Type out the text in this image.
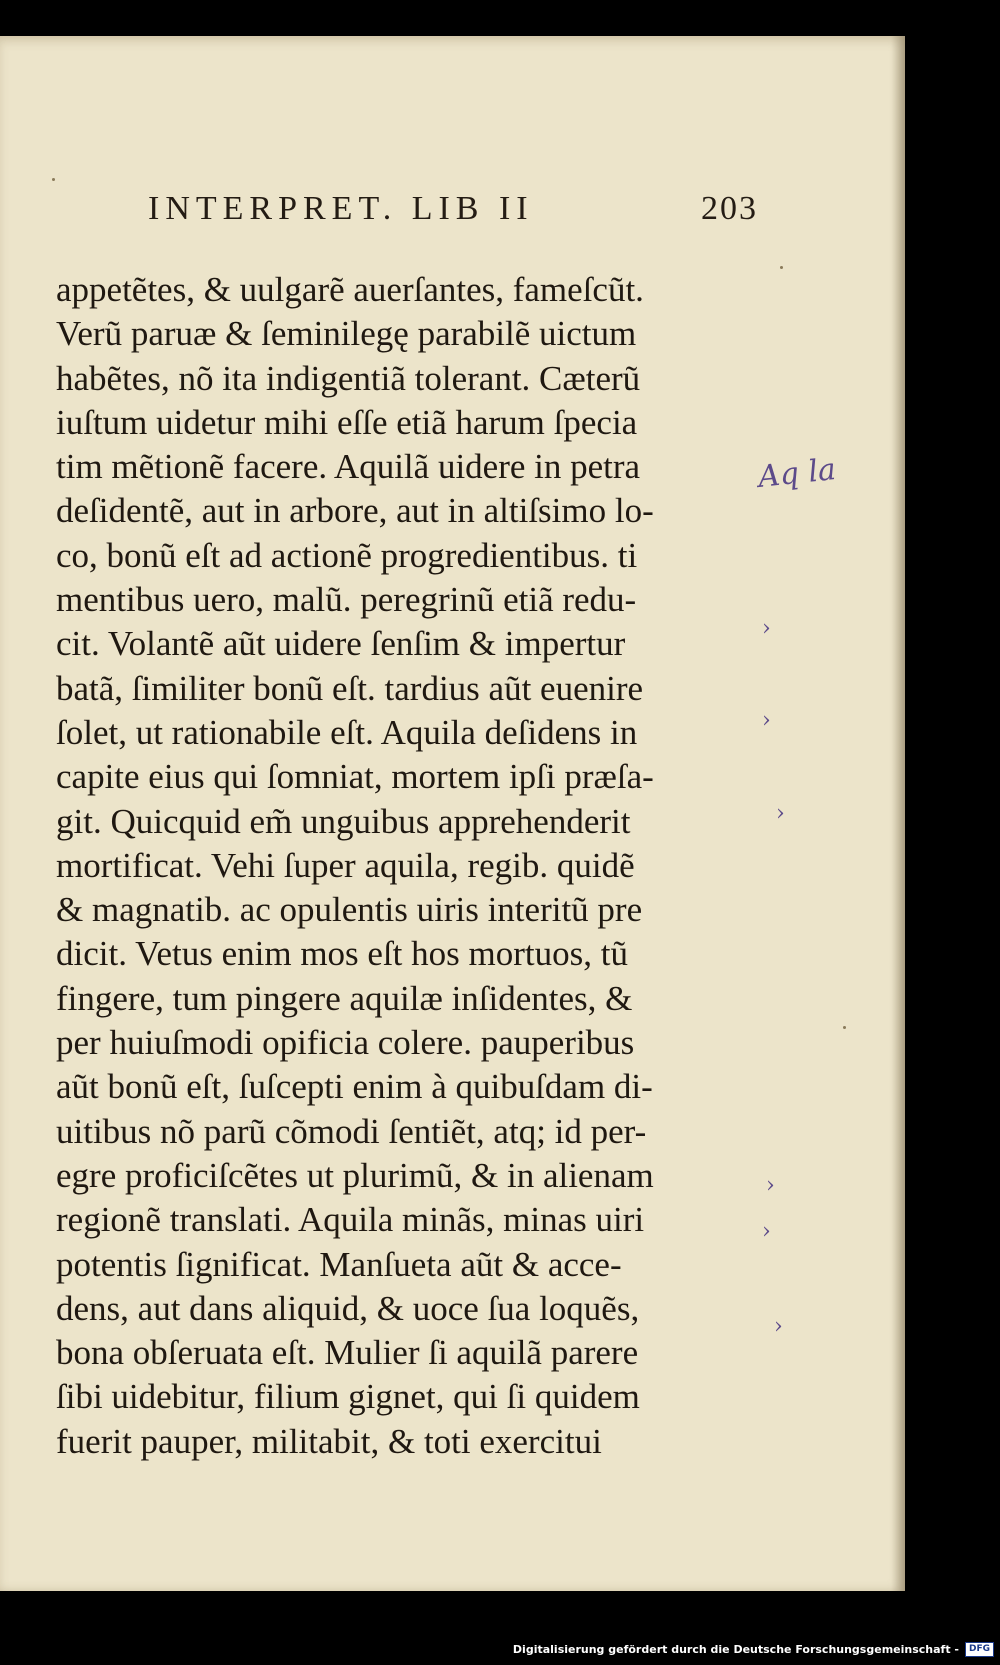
INTERPRET. LIB II	203
appetẽtes, & uulgarẽ auerſantes, fameſcũt.
Verũ paruæ & ſeminilegę parabilẽ uictum
habẽtes, nõ ita indigentiã tolerant. Cæterũ
iuſtum uidetur mihi eſſe etiã harum ſpecia
tim mẽtionẽ facere. Aquilã uidere in petra
deſidentẽ, aut in arbore, aut in altiſsimo lo-
co, bonũ eſt ad actionẽ progredientibus. ti
mentibus uero, malũ. peregrinũ etiã redu-
cit. Volantẽ aũt uidere ſenſim & impertur
batã, ſimiliter bonũ eſt. tardius aũt euenire
ſolet, ut rationabile eſt. Aquila deſidens in
capite eius qui ſomniat, mortem ipſi præſa-
git. Quicquid em̃ unguibus apprehenderit
mortificat. Vehi ſuper aquila, regib. quidẽ
& magnatib. ac opulentis uiris interitũ pre
dicit. Vetus enim mos eſt hos mortuos, tũ
fingere, tum pingere aquilæ inſidentes, &
per huiuſmodi opificia colere. pauperibus
aũt bonũ eſt, ſuſcepti enim à quibuſdam di-
uitibus nõ parũ cõmodi ſentiẽt, atq; id per-
egre proficiſcẽtes ut plurimũ, & in alienam
regionẽ translati. Aquila minãs, minas uiri
potentis ſignificat. Manſueta aũt & acce-
dens, aut dans aliquid, & uoce ſua loquẽs,
bona obſeruata eſt. Mulier ſi aquilã parere
ſibi uidebitur, filium gignet, qui ſi quidem
fuerit pauper, militabit, & toti exercitui
Aq la
›
›
›
›
›
›
Digitalisierung gefördert durch die Deutsche Forschungsgemeinschaft -	DFG
